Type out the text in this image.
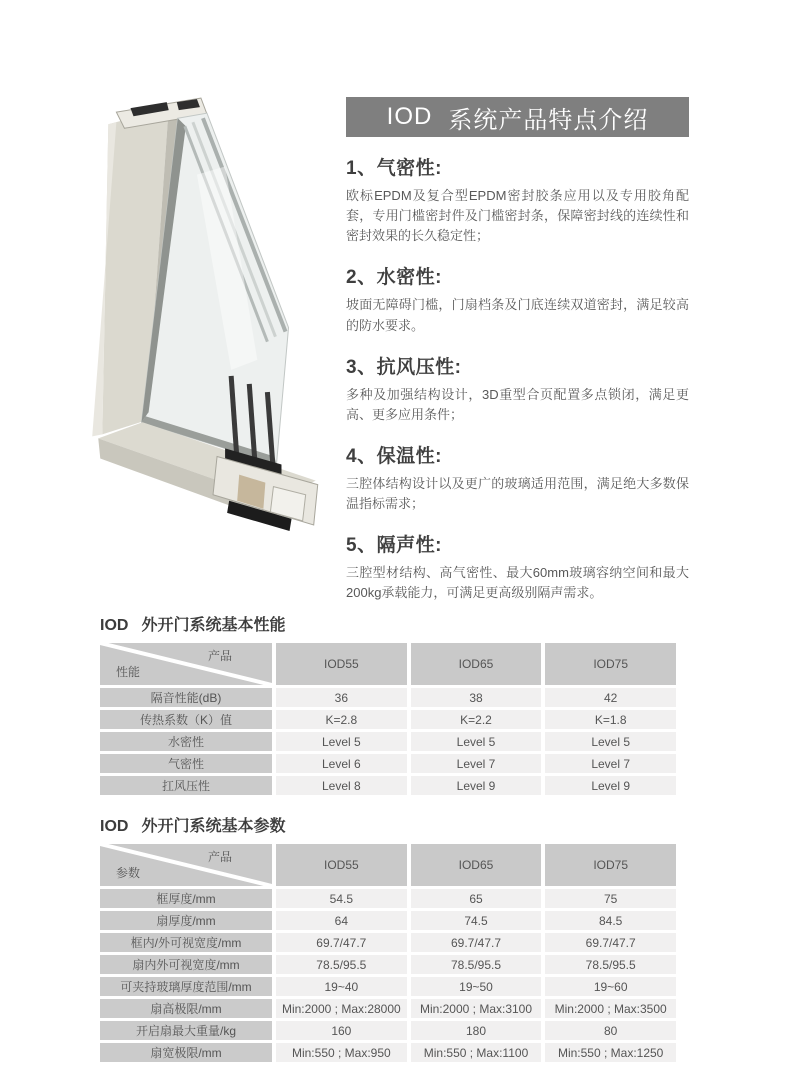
IOD 系统产品特点介绍
1、气密性:
欧标EPDM及复合型EPDM密封胶条应用以及专用胶角配套，专用门槛密封件及门槛密封条，保障密封线的连续性和密封效果的长久稳定性；
2、水密性:
坡面无障碍门槛，门扇档条及门底连续双道密封，满足较高的防水要求。
3、抗风压性:
多种及加强结构设计，3D重型合页配置多点锁闭，满足更高、更多应用条件；
4、保温性:
三腔体结构设计以及更广的玻璃适用范围，满足绝大多数保温指标需求；
5、隔声性:
三腔型材结构、高气密性、最大60mm玻璃容纳空间和最大200kg承载能力，可满足更高级别隔声需求。
IOD 外开门系统基本性能
产品
性能
IOD55	IOD65	IOD75
隔音性能(dB)	36	38	42
传热系数（K）值	K=2.8	K=2.2	K=1.8
水密性	Level 5	Level 5	Level 5
气密性	Level 6	Level 7	Level 7
扛风压性	Level 8	Level 9	Level 9
IOD 外开门系统基本参数
产品
参数
IOD55	IOD65	IOD75
框厚度/mm	54.5	65	75
扇厚度/mm	64	74.5	84.5
框内/外可视宽度/mm	69.7/47.7	69.7/47.7	69.7/47.7
扇内外可视宽度/mm	78.5/95.5	78.5/95.5	78.5/95.5
可夹持玻璃厚度范围/mm	19~40	19~50	19~60
扇高极限/mm	Min:2000 ; Max:28000	Min:2000 ; Max:3100	Min:2000 ; Max:3500
开启扇最大重量/kg	160	180	80
扇宽极限/mm	Min:550 ; Max:950	Min:550 ; Max:1100	Min:550 ; Max:1250
